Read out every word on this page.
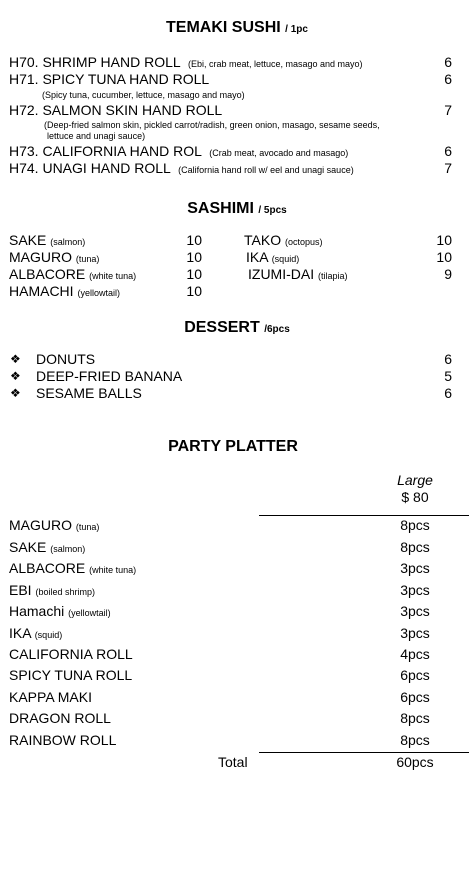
TEMAKI SUSHI / 1pc
H70. SHRIMP HAND ROLL (Ebi, crab meat, lettuce, masago and mayo)	6
H71. SPICY TUNA HAND ROLL	6
(Spicy tuna, cucumber, lettuce, masago and mayo)
H72. SALMON SKIN HAND ROLL	7
(Deep-fried salmon skin, pickled carrot/radish, green onion, masago, sesame seeds,
lettuce and unagi sauce)
H73. CALIFORNIA HAND ROL (Crab meat, avocado and masago)	6
H74. UNAGI HAND ROLL (California hand roll w/ eel and unagi sauce)	7
SASHIMI / 5pcs
SAKE (salmon)	10
MAGURO (tuna)	10
ALBACORE (white tuna)	10
HAMACHI (yellowtail)	10
TAKO (octopus)	10
IKA (squid)	10
IZUMI-DAI (tilapia)	9
DESSERT /6pcs
❖ DONUTS	6
❖ DEEP-FRIED BANANA	5
❖ SESAME BALLS	6
PARTY PLATTER
Large
$ 80
MAGURO (tuna)	8pcs
SAKE (salmon)	8pcs
ALBACORE (white tuna)	3pcs
EBI (boiled shrimp)	3pcs
Hamachi (yellowtail)	3pcs
IKA (squid)	3pcs
CALIFORNIA ROLL	4pcs
SPICY TUNA ROLL	6pcs
KAPPA MAKI	6pcs
DRAGON ROLL	8pcs
RAINBOW ROLL	8pcs
Total	60pcs
